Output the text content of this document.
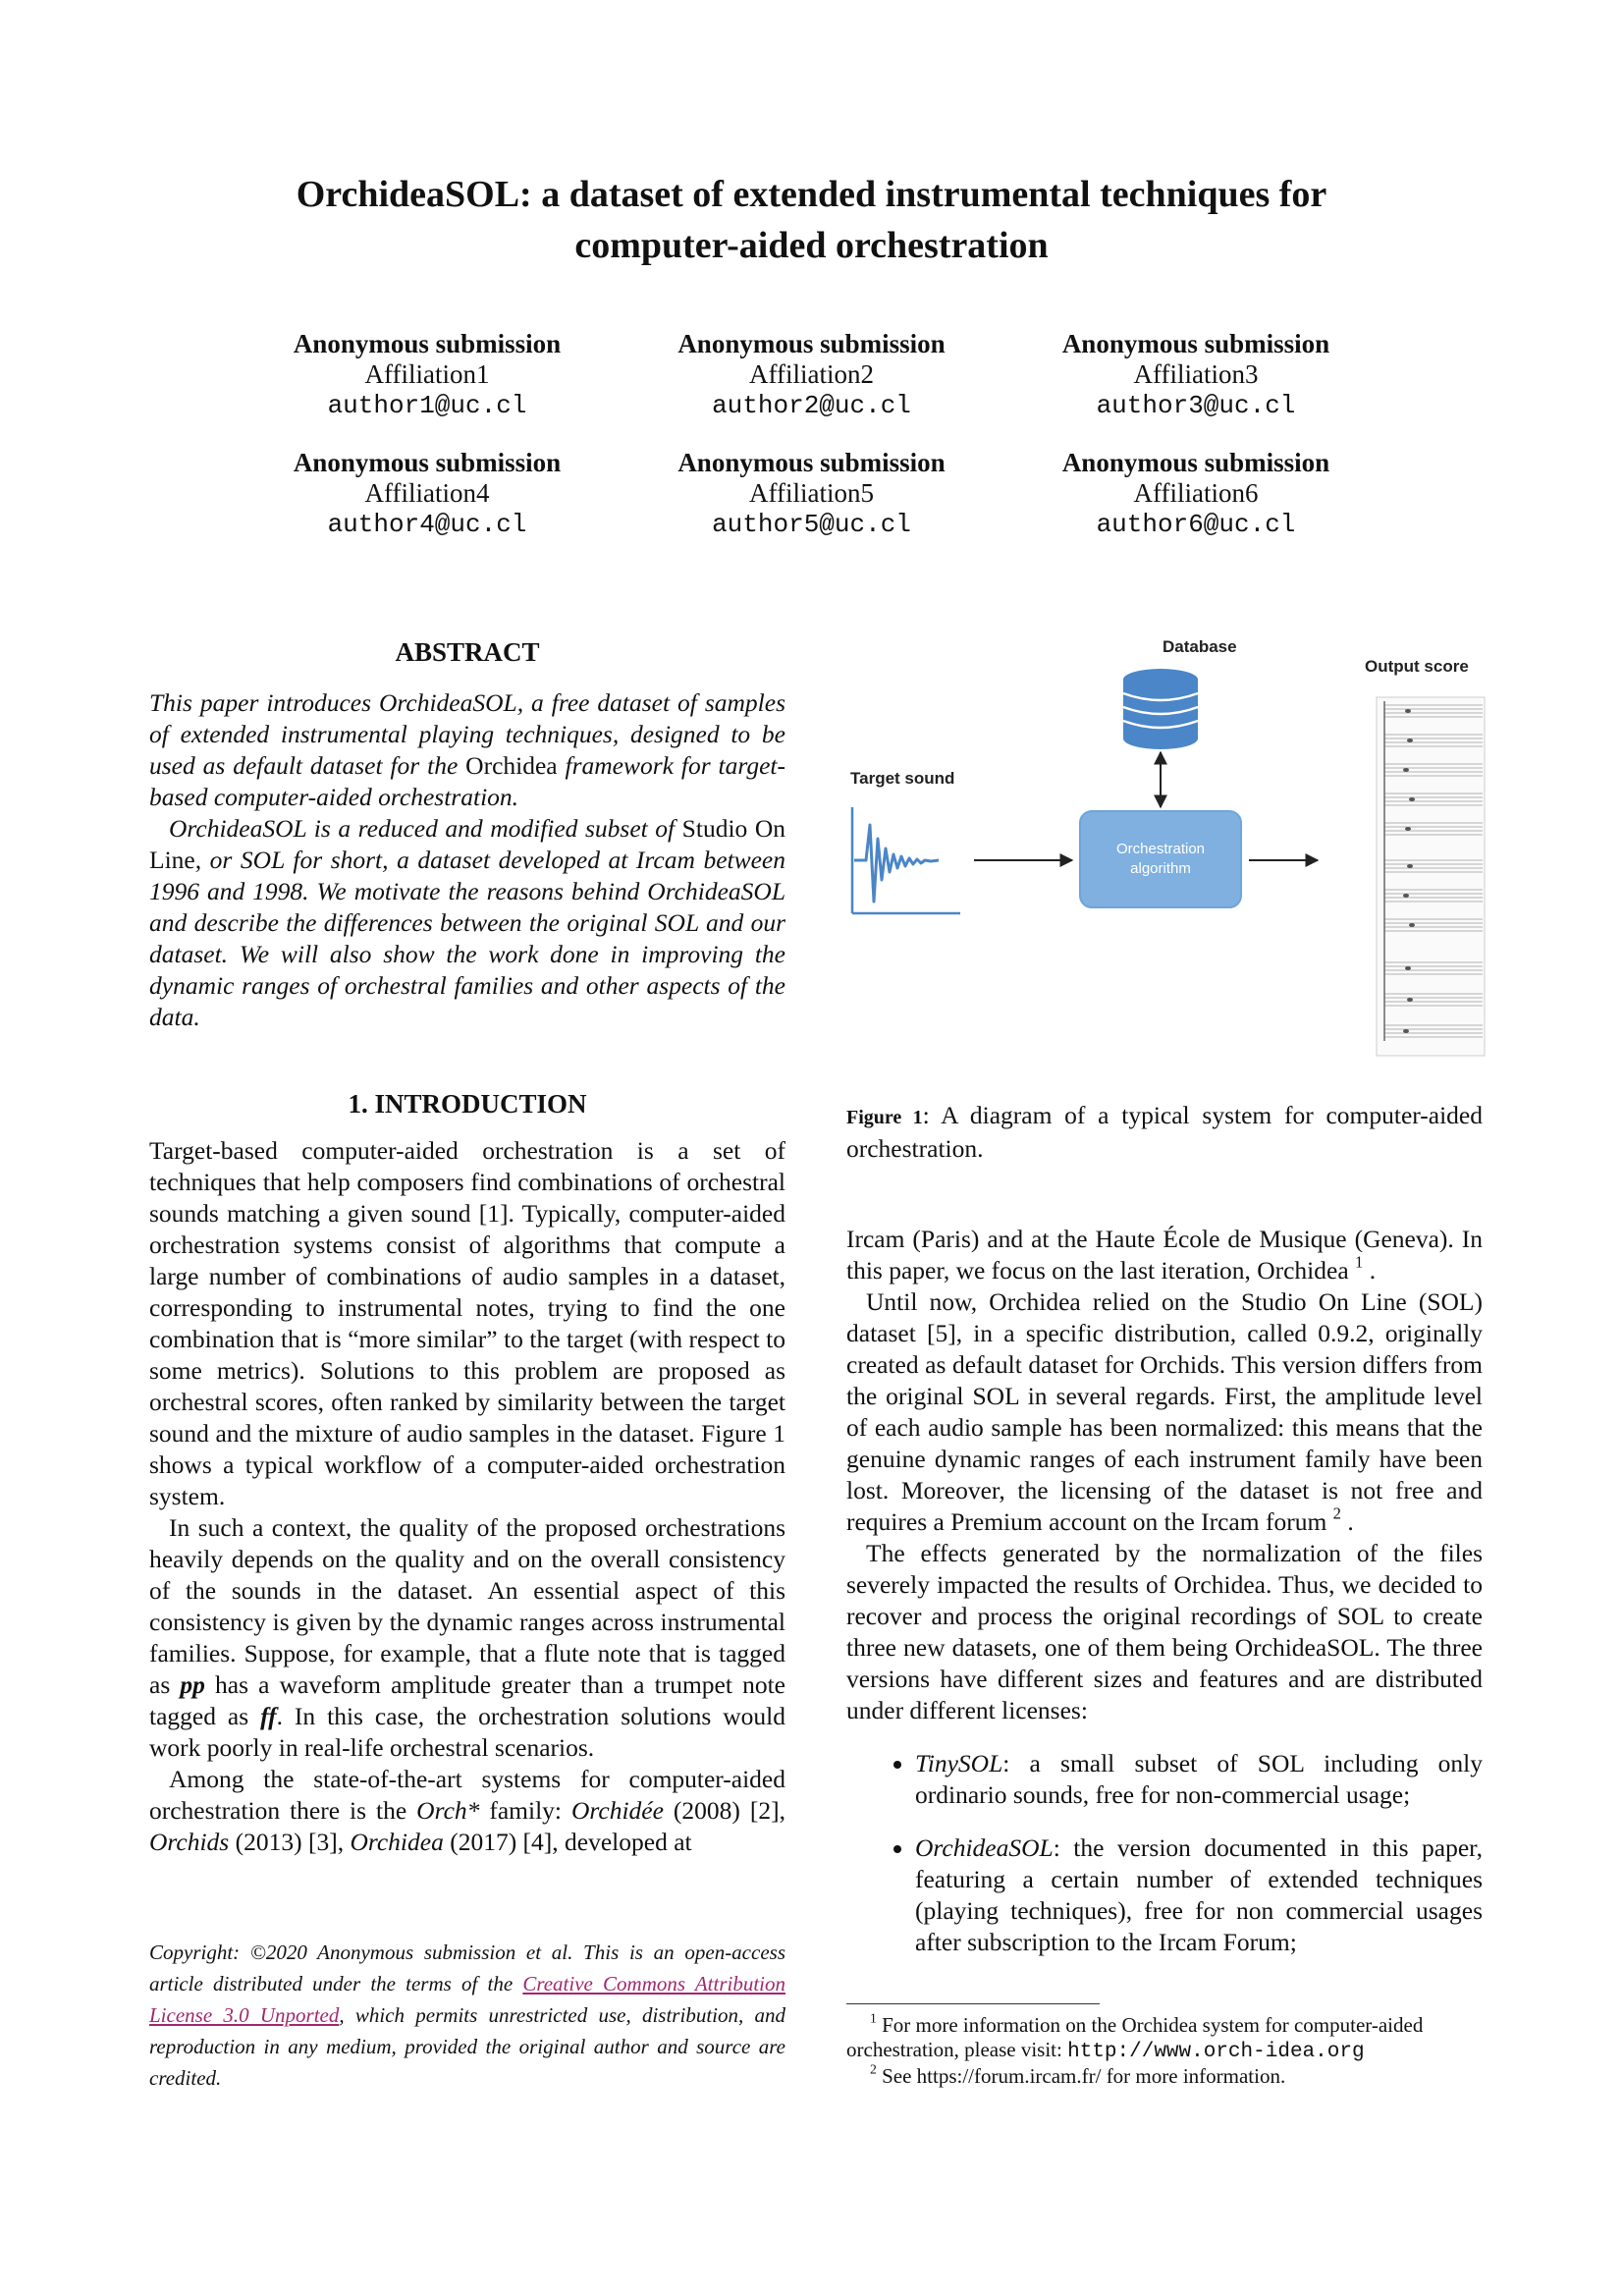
OrchideaSOL: a dataset of extended instrumental techniques for
computer-aided orchestration
Anonymous submission
Affiliation1
author1@uc.cl
Anonymous submission
Affiliation2
author2@uc.cl
Anonymous submission
Affiliation3
author3@uc.cl
Anonymous submission
Affiliation4
author4@uc.cl
Anonymous submission
Affiliation5
author5@uc.cl
Anonymous submission
Affiliation6
author6@uc.cl
ABSTRACT

This paper introduces OrchideaSOL, a free dataset of samples of extended instrumental playing techniques, designed to be used as default dataset for the Orchidea framework for target-based computer-aided orchestration.

OrchideaSOL is a reduced and modified subset of Studio On Line, or SOL for short, a dataset developed at Ircam between 1996 and 1998. We motivate the reasons behind OrchideaSOL and describe the differences between the original SOL and our dataset. We will also show the work done in improving the dynamic ranges of orchestral families and other aspects of the data.

1. INTRODUCTION

Target-based computer-aided orchestration is a set of techniques that help composers find combinations of orchestral sounds matching a given sound [1]. Typically, computer-aided orchestration systems consist of algorithms that compute a large number of combinations of audio samples in a dataset, corresponding to instrumental notes, trying to find the one combination that is “more similar” to the target (with respect to some metrics). Solutions to this problem are proposed as orchestral scores, often ranked by similarity between the target sound and the mixture of audio samples in the dataset. Figure 1 shows a typical workflow of a computer-aided orchestration system.

In such a context, the quality of the proposed orchestrations heavily depends on the quality and on the overall consistency of the sounds in the dataset. An essential aspect of this consistency is given by the dynamic ranges across instrumental families. Suppose, for example, that a flute note that is tagged as pp has a waveform amplitude greater than a trumpet note tagged as ff. In this case, the orchestration solutions would work poorly in real-life orchestral scenarios.

Among the state-of-the-art systems for computer-aided orchestration there is the Orch* family: Orchidée (2008) [2], Orchids (2013) [3], Orchidea (2017) [4], developed at

Copyright: ©2020 Anonymous submission et al. This is an open-access article distributed under the terms of the Creative Commons Attribution License 3.0 Unported, which permits unrestricted use, distribution, and reproduction in any medium, provided the original author and source are credited.
Database
Orchestration
algorithm
Target sound
Output score
Figure 1: A diagram of a typical system for computer-aided orchestration.

Ircam (Paris) and at the Haute École de Musique (Geneva). In this paper, we focus on the last iteration, Orchidea $^1$ .

Until now, Orchidea relied on the Studio On Line (SOL) dataset [5], in a specific distribution, called 0.9.2, originally created as default dataset for Orchids. This version differs from the original SOL in several regards. First, the amplitude level of each audio sample has been normalized: this means that the genuine dynamic ranges of each instrument family have been lost. Moreover, the licensing of the dataset is not free and requires a Premium account on the Ircam forum $^2$ .

The effects generated by the normalization of the files severely impacted the results of Orchidea. Thus, we decided to recover and process the original recordings of SOL to create three new datasets, one of them being OrchideaSOL. The three versions have different sizes and features and are distributed under different licenses:

• TinySOL: a small subset of SOL including only ordinario sounds, free for non-commercial usage;
• OrchideaSOL: the version documented in this paper, featuring a certain number of extended techniques (playing techniques), free for non commercial usages after subscription to the Ircam Forum;

$^1$ For more information on the Orchidea system for computer-aided orchestration, please visit: http://www.orch-idea.org

$^2$ See https://forum.ircam.fr/ for more information.
